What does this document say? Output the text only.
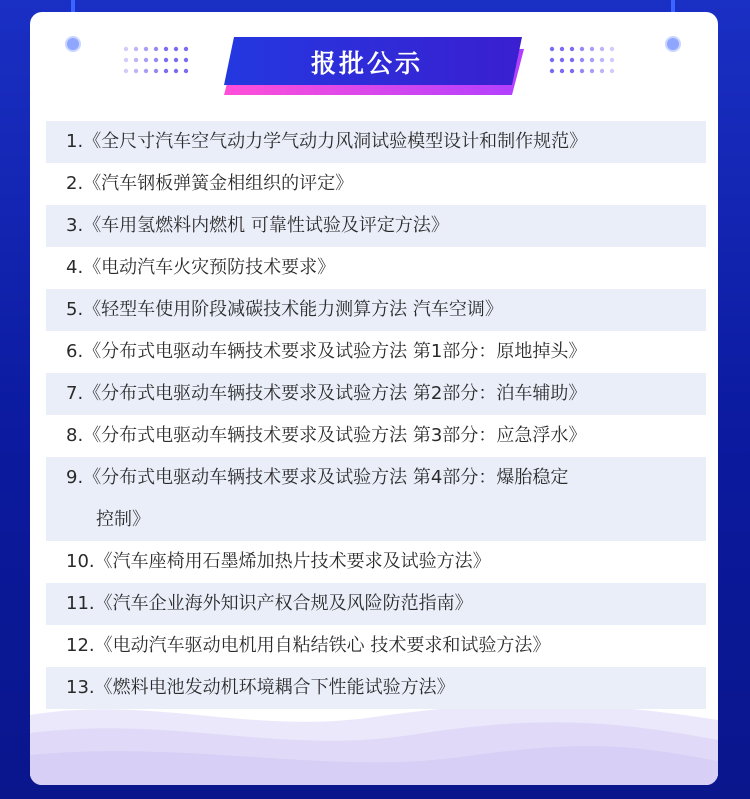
报批公示
1.《全尺寸汽车空气动力学气动力风洞试验模型设计和制作规范》
2.《汽车钢板弹簧金相组织的评定》
3.《车用氢燃料内燃机 可靠性试验及评定方法》
4.《电动汽车火灾预防技术要求》
5.《轻型车使用阶段减碳技术能力测算方法 汽车空调》
6.《分布式电驱动车辆技术要求及试验方法 第1部分：原地掉头》
7.《分布式电驱动车辆技术要求及试验方法 第2部分：泊车辅助》
8.《分布式电驱动车辆技术要求及试验方法 第3部分：应急浮水》
9.《分布式电驱动车辆技术要求及试验方法 第4部分：爆胎稳定
控制》
10.《汽车座椅用石墨烯加热片技术要求及试验方法》
11.《汽车企业海外知识产权合规及风险防范指南》
12.《电动汽车驱动电机用自粘结铁心 技术要求和试验方法》
13.《燃料电池发动机环境耦合下性能试验方法》
